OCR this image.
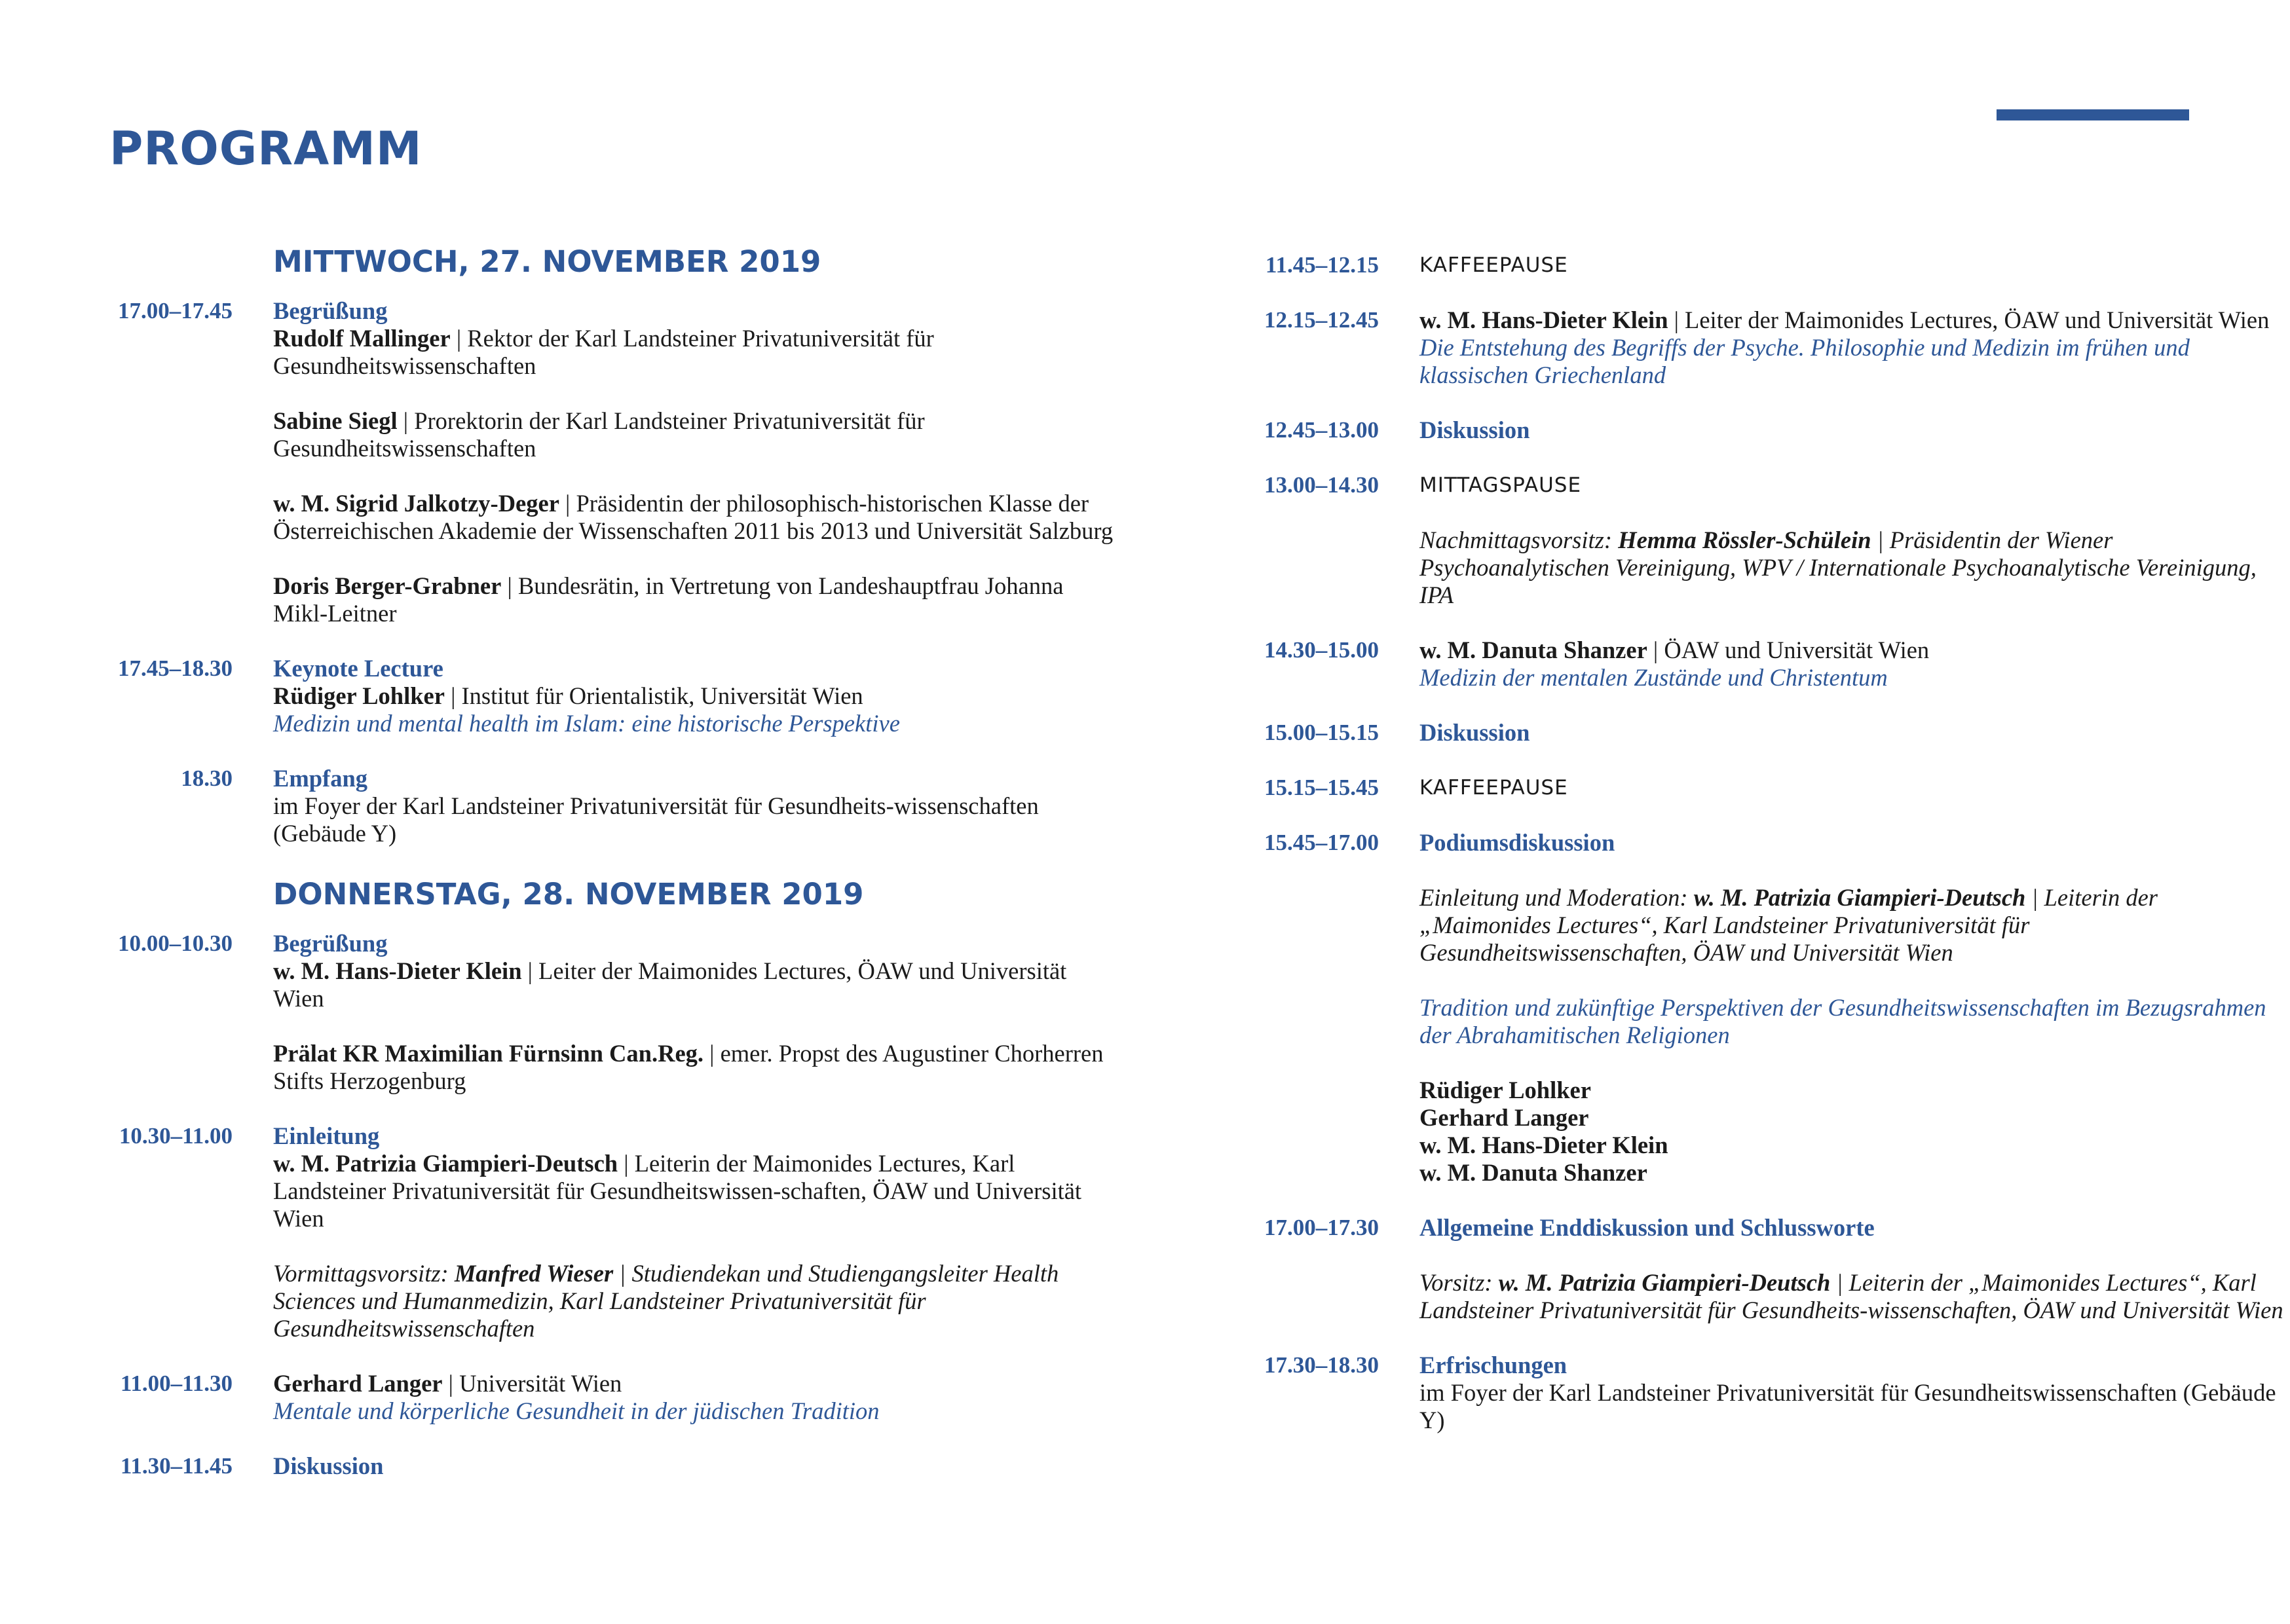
PROGRAMM
MITTWOCH, 27. NOVEMBER 2019
17.00–17.45 Begrüßung

Rudolf Mallinger | Rektor der Karl Landsteiner Privatuniversität für Gesundheitswissenschaften

Sabine Siegl | Prorektorin der Karl Landsteiner Privatuniversität für Gesundheitswissenschaften

w. M. Sigrid Jalkotzy-Deger | Präsidentin der philosophisch-historischen Klasse der Österreichischen Akademie der Wissenschaften 2011 bis 2013 und Universität Salzburg

Doris Berger-Grabner | Bundesrätin, in Vertretung von Landeshauptfrau Johanna Mikl-Leitner

17.45–18.30 Keynote Lecture

Rüdiger Lohlker | Institut für Orientalistik, Universität Wien

Medizin und mental health im Islam: eine historische Perspektive

18.30 Empfang

im Foyer der Karl Landsteiner Privatuniversität für Gesundheits-wissenschaften (Gebäude Y)

DONNERSTAG, 28. NOVEMBER 2019
10.00–10.30 Begrüßung

w. M. Hans-Dieter Klein | Leiter der Maimonides Lectures, ÖAW und Universität Wien

Prälat KR Maximilian Fürnsinn Can.Reg. | emer. Propst des Augustiner Chorherren Stifts Herzogenburg

10.30–11.00 Einleitung

w. M. Patrizia Giampieri-Deutsch | Leiterin der Maimonides Lectures, Karl Landsteiner Privatuniversität für Gesundheitswissen-schaften, ÖAW und Universität Wien

Vormittagsvorsitz: Manfred Wieser | Studiendekan und Studiengangsleiter Health Sciences und Humanmedizin, Karl Landsteiner Privatuniversität für Gesundheitswissenschaften

11.00–11.30 Gerhard Langer | Universität Wien

Mentale und körperliche Gesundheit in der jüdischen Tradition

11.30–11.45 Diskussion
11.45–12.15 KAFFEEPAUSE
12.15–12.45 w. M. Hans-Dieter Klein | Leiter der Maimonides Lectures, ÖAW und Universität Wien

Die Entstehung des Begriffs der Psyche. Philosophie und Medizin im frühen und klassischen Griechenland

12.45–13.00 Diskussion
13.00–14.30 MITTAGSPAUSE

Nachmittagsvorsitz: Hemma Rössler-Schülein | Präsidentin der Wiener Psychoanalytischen Vereinigung, WPV / Internationale Psychoanalytische Vereinigung, IPA

14.30–15.00 w. M. Danuta Shanzer | ÖAW und Universität Wien

Medizin der mentalen Zustände und Christentum

15.00–15.15 Diskussion
15.15–15.45 KAFFEEPAUSE
15.45–17.00 Podiumsdiskussion

Einleitung und Moderation: w. M. Patrizia Giampieri-Deutsch | Leiterin der „Maimonides Lectures“, Karl Landsteiner Privatuniversität für Gesundheitswissenschaften, ÖAW und Universität Wien

Tradition und zukünftige Perspektiven der Gesundheitswissenschaften im Bezugsrahmen der Abrahamitischen Religionen

Rüdiger Lohlker
Gerhard Langer
w. M. Hans-Dieter Klein
w. M. Danuta Shanzer
17.00–17.30 Allgemeine Enddiskussion und Schlussworte

Vorsitz: w. M. Patrizia Giampieri-Deutsch | Leiterin der „Maimonides Lectures“, Karl Landsteiner Privatuniversität für Gesundheits-wissenschaften, ÖAW und Universität Wien

17.30–18.30 Erfrischungen

im Foyer der Karl Landsteiner Privatuniversität für Gesundheitswissenschaften (Gebäude Y)
